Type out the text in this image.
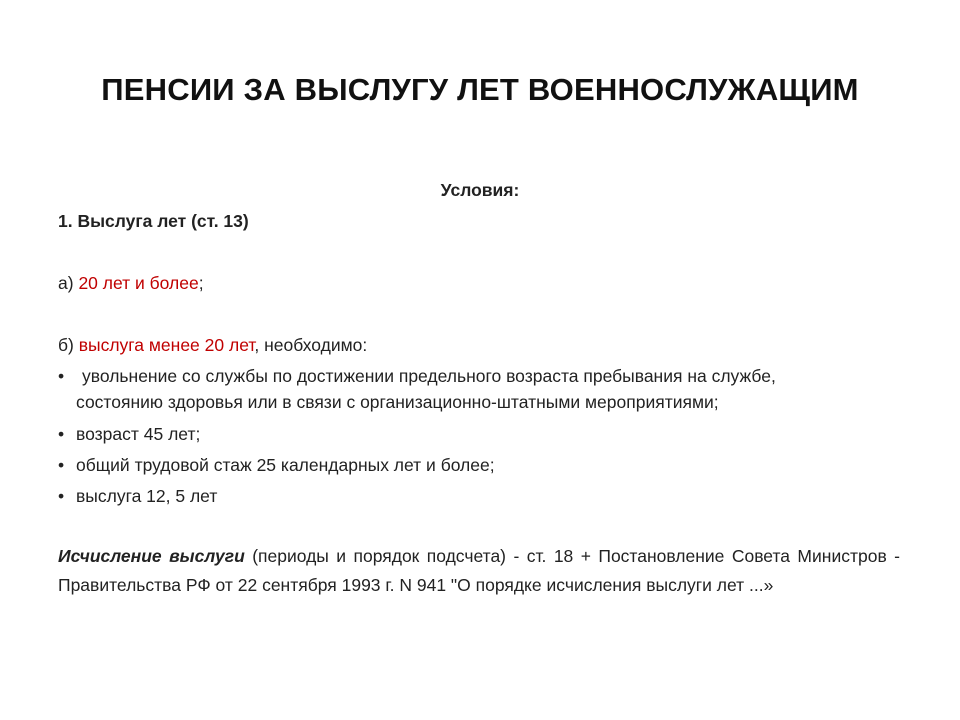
ПЕНСИИ ЗА ВЫСЛУГУ ЛЕТ ВОЕННОСЛУЖАЩИМ
Условия:
1. Выслуга лет (ст. 13)
а) 20 лет и более;
б) выслуга менее 20 лет, необходимо:
• увольнение со службы по достижении предельного возраста пребывания на службе,
состоянию здоровья или в связи с организационно-штатными мероприятиями;
• возраст 45 лет;
• общий трудовой стаж 25 календарных лет и более;
• выслуга 12, 5 лет
Исчисление выслуги (периоды и порядок подсчета) - ст. 18 + Постановление Совета Министров - Правительства РФ от 22 сентября 1993 г. N 941 "О порядке исчисления выслуги лет ...»
